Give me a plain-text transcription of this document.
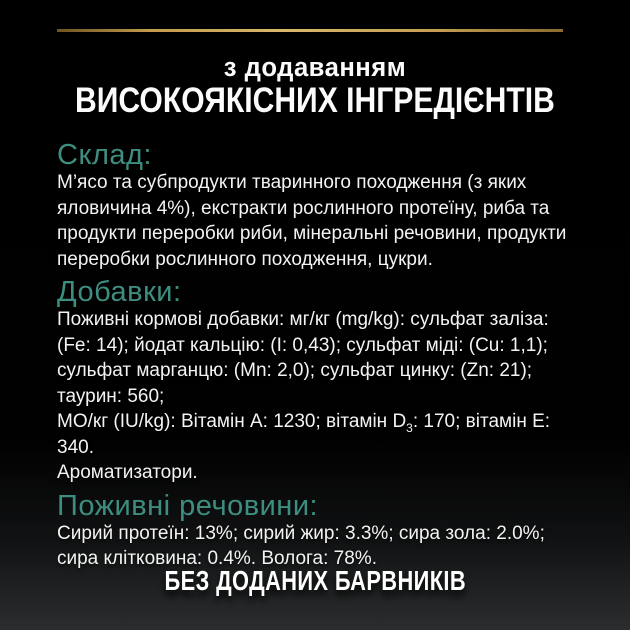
з додаванням
ВИСОКОЯКІСНИХ ІНГРЕДІЄНТІВ
Склад:

М’ясо та субпродукти тваринного походження (з яких яловичина 4%), екстракти рослинного протеїну, риба та продукти переробки риби, мінеральні речовини, продукти переробки рослинного походження, цукри.

Добавки:

Поживні кормові добавки: мг/кг (mg/kg): сульфат заліза: (Fe: 14); йодат кальцію: (I: 0,43); сульфат міді: (Cu: 1,1); сульфат марганцю: (Mn: 2,0); сульфат цинку: (Zn: 21); таурин: 560;

МО/кг (IU/kg): Вітамін А: 1230; вітамін $D_3$: 170; вітамін Е: 340.

Ароматизатори.

Поживні речовини:

Сирий протеїн: 13%; сирий жир: 3.3%; сира зола: 2.0%; сира клітковина: 0.4%. Волога: 78%.

БЕЗ ДОДАНИХ БАРВНИКІВ
